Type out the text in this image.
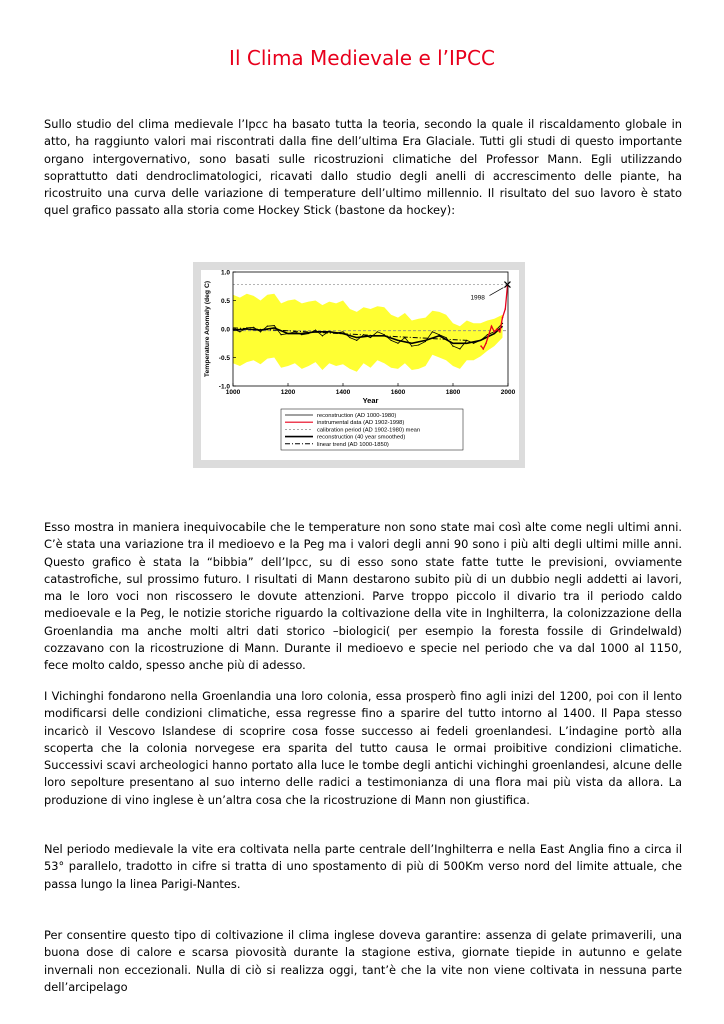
Il Clima Medievale e l’IPCC

Sullo studio del clima medievale l’Ipcc ha basato tutta la teoria, secondo la quale il riscaldamento globale in atto, ha raggiunto valori mai riscontrati dalla fine dell’ultima Era Glaciale. Tutti gli studi di questo importante organo intergovernativo, sono basati sulle ricostruzioni climatiche del Professor Mann. Egli utilizzando soprattutto dati dendroclimatologici, ricavati dallo studio degli anelli di accrescimento delle piante, ha ricostruito una curva delle variazione di temperature dell’ultimo millennio. Il risultato del suo lavoro è stato quel grafico passato alla storia come Hockey Stick (bastone da hockey):

1998
1.0
0.5
0.0
-0.5
-1.0
1000	1200	1400	1600	1800	2000
Year
Temperature Anomaly (deg C)
reconstruction (AD 1000-1980)
instrumental data (AD 1902-1998)
calibration period (AD 1902-1980) mean
reconstruction (40 year smoothed)
linear trend (AD 1000-1850)

Esso mostra in maniera inequivocabile che le temperature non sono state mai così alte come negli ultimi anni. C’è stata una variazione tra il medioevo e la Peg ma i valori degli anni 90 sono i più alti degli ultimi mille anni. Questo grafico è stata la “bibbia” dell’Ipcc, su di esso sono state fatte tutte le previsioni, ovviamente catastrofiche, sul prossimo futuro. I risultati di Mann destarono subito più di un dubbio negli addetti ai lavori, ma le loro voci non riscossero le dovute attenzioni. Parve troppo piccolo il divario tra il periodo caldo medioevale e la Peg, le notizie storiche riguardo la coltivazione della vite in Inghilterra, la colonizzazione della Groenlandia ma anche molti altri dati storico –biologici( per esempio la foresta fossile di Grindelwald) cozzavano con la ricostruzione di Mann. Durante il medioevo e specie nel periodo che va dal 1000 al 1150, fece molto caldo, spesso anche più di adesso.

I Vichinghi fondarono nella Groenlandia una loro colonia, essa prosperò fino agli inizi del 1200, poi con il lento modificarsi delle condizioni climatiche, essa regresse fino a sparire del tutto intorno al 1400. Il Papa stesso incaricò il Vescovo Islandese di scoprire cosa fosse successo ai fedeli groenlandesi. L’indagine portò alla scoperta che la colonia norvegese era sparita del tutto causa le ormai proibitive condizioni climatiche. Successivi scavi archeologici hanno portato alla luce le tombe degli antichi vichinghi groenlandesi, alcune delle loro sepolture presentano al suo interno delle radici a testimonianza di una flora mai più vista da allora. La produzione di vino inglese è un’altra cosa che la ricostruzione di Mann non giustifica.

Nel periodo medievale la vite era coltivata nella parte centrale dell’Inghilterra e nella East Anglia fino a circa il 53° parallelo, tradotto in cifre si tratta di uno spostamento di più di 500Km verso nord del limite attuale, che passa lungo la linea Parigi-Nantes.

Per consentire questo tipo di coltivazione il clima inglese doveva garantire: assenza di gelate primaverili, una buona dose di calore e scarsa piovosità durante la stagione estiva, giornate tiepide in autunno e gelate invernali non eccezionali. Nulla di ciò si realizza oggi, tant’è che la vite non viene coltivata in nessuna parte dell’arcipelago
